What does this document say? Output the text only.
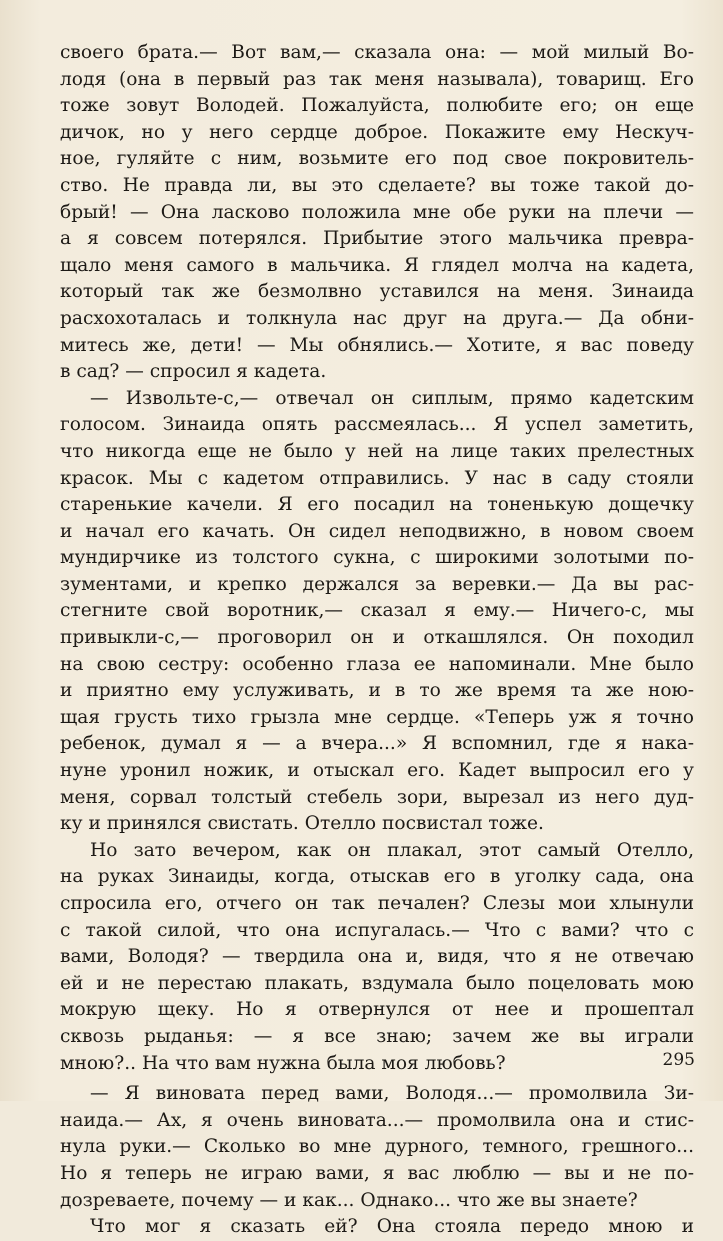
своего брата.— Вот вам,— сказала она: — мой милый Во-
лодя (она в первый раз так меня называла), товарищ. Его
тоже зовут Володей. Пожалуйста, полюбите его; он еще
дичок, но у него сердце доброе. Покажите ему Нескуч-
ное, гуляйте с ним, возьмите его под свое покровитель-
ство. Не правда ли, вы это сделаете? вы тоже такой до-
брый! — Она ласково положила мне обе руки на плечи —
а я совсем потерялся. Прибытие этого мальчика превра-
щало меня самого в мальчика. Я глядел молча на кадета,
который так же безмолвно уставился на меня. Зинаида
расхохоталась и толкнула нас друг на друга.— Да обни-
митесь же, дети! — Мы обнялись.— Хотите, я вас поведу
в сад? — спросил я кадета.
— Извольте-с,— отвечал он сиплым, прямо кадетским
голосом. Зинаида опять рассмеялась... Я успел заметить,
что никогда еще не было у ней на лице таких прелестных
красок. Мы с кадетом отправились. У нас в саду стояли
старенькие качели. Я его посадил на тоненькую дощечку
и начал его качать. Он сидел неподвижно, в новом своем
мундирчике из толстого сукна, с широкими золотыми по-
зументами, и крепко держался за веревки.— Да вы рас-
стегните свой воротник,— сказал я ему.— Ничего-с, мы
привыкли-с,— проговорил он и откашлялся. Он походил
на свою сестру: особенно глаза ее напоминали. Мне было
и приятно ему услуживать, и в то же время та же ною-
щая грусть тихо грызла мне сердце. «Теперь уж я точно
ребенок, думал я — а вчера...» Я вспомнил, где я нака-
нуне уронил ножик, и отыскал его. Кадет выпросил его у
меня, сорвал толстый стебель зори, вырезал из него дуд-
ку и принялся свистать. Отелло посвистал тоже.
Но зато вечером, как он плакал, этот самый Отелло,
на руках Зинаиды, когда, отыскав его в уголку сада, она
спросила его, отчего он так печален? Слезы мои хлынули
с такой силой, что она испугалась.— Что с вами? что с
вами, Володя? — твердила она и, видя, что я не отвечаю
ей и не перестаю плакать, вздумала было поцеловать мою
мокрую щеку. Но я отвернулся от нее и прошептал
сквозь рыданья: — я все знаю; зачем же вы играли
мною?.. На что вам нужна была моя любовь?
— Я виновата перед вами, Володя...— промолвила Зи-
наида.— Ах, я очень виновата...— промолвила она и стис-
нула руки.— Сколько во мне дурного, темного, грешного...
Но я теперь не играю вами, я вас люблю — вы и не по-
дозреваете, почему — и как... Однако... что же вы знаете?
Что мог я сказать ей? Она стояла передо мною и
295
